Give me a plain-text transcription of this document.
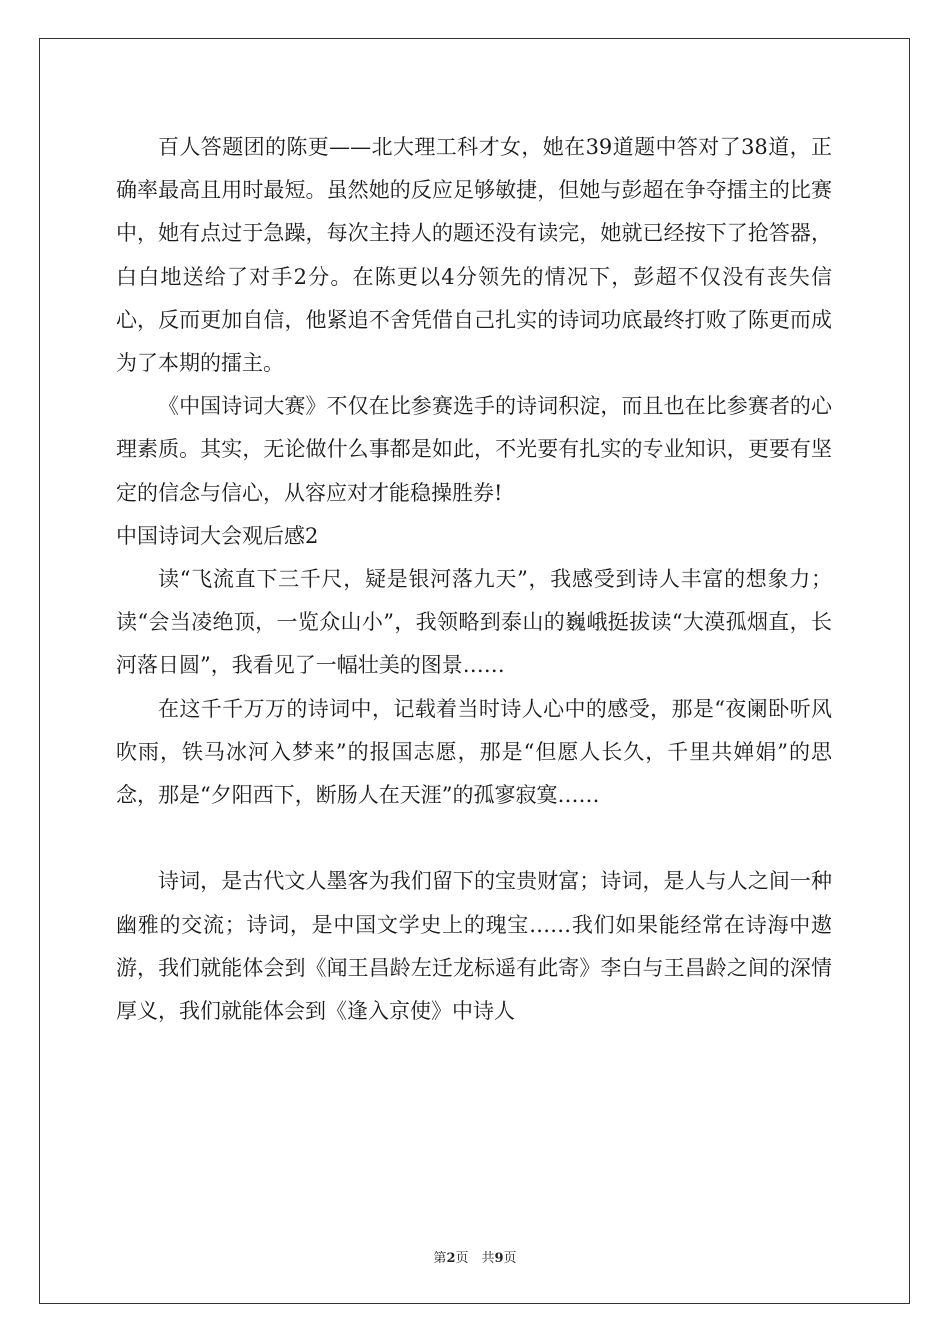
百人答题团的陈更——北大理工科才女，她在39道题中答对了38道，正确率最高且用时最短。虽然她的反应足够敏捷，但她与彭超在争夺擂主的比赛中，她有点过于急躁，每次主持人的题还没有读完，她就已经按下了抢答器，白白地送给了对手2分。在陈更以4分领先的情况下，彭超不仅没有丧失信心，反而更加自信，他紧追不舍凭借自己扎实的诗词功底最终打败了陈更而成为了本期的擂主。

《中国诗词大赛》不仅在比参赛选手的诗词积淀，而且也在比参赛者的心理素质。其实，无论做什么事都是如此，不光要有扎实的专业知识，更要有坚定的信念与信心，从容应对才能稳操胜券!

中国诗词大会观后感2

读“飞流直下三千尺，疑是银河落九天”，我感受到诗人丰富的想象力；读“会当凌绝顶，一览众山小”，我领略到泰山的巍峨挺拔读“大漠孤烟直，长河落日圆”，我看见了一幅壮美的图景……

在这千千万万的诗词中，记载着当时诗人心中的感受，那是“夜阑卧听风吹雨，铁马冰河入梦来”的报国志愿，那是“但愿人长久，千里共婵娟”的思念，那是“夕阳西下，断肠人在天涯”的孤寥寂寞……

诗词，是古代文人墨客为我们留下的宝贵财富；诗词，是人与人之间一种幽雅的交流；诗词，是中国文学史上的瑰宝……我们如果能经常在诗海中遨游，我们就能体会到《闻王昌龄左迁龙标遥有此寄》李白与王昌龄之间的深情厚义，我们就能体会到《逢入京使》中诗人

第2页　共9页
